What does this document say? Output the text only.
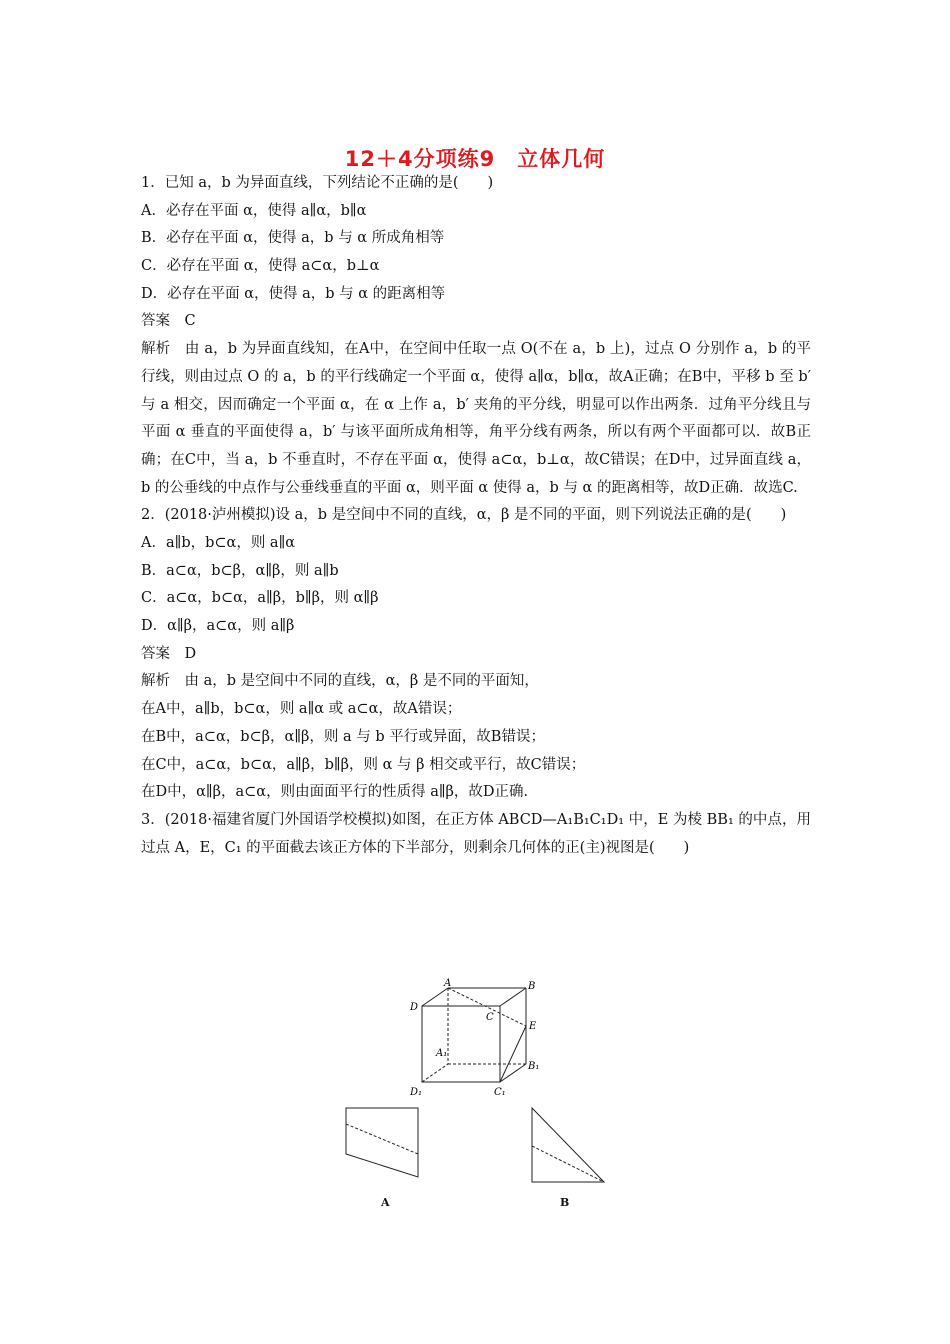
12＋4分项练9　立体几何
1．已知 a，b 为异面直线，下列结论不正确的是(　　)
A．必存在平面 α，使得 a∥α，b∥α
B．必存在平面 α，使得 a，b 与 α 所成角相等
C．必存在平面 α，使得 a⊂α，b⊥α
D．必存在平面 α，使得 a，b 与 α 的距离相等
答案　C
解析　由 a，b 为异面直线知，在A中，在空间中任取一点 O(不在 a，b 上)，过点 O 分别作 a，b 的平行线，则由过点 O 的 a，b 的平行线确定一个平面 α，使得 a∥α，b∥α，故A正确；在B中，平移 b 至 b′ 与 a 相交，因而确定一个平面 α，在 α 上作 a，b′ 夹角的平分线，明显可以作出两条．过角平分线且与平面 α 垂直的平面使得 a，b′ 与该平面所成角相等，角平分线有两条，所以有两个平面都可以．故B正确；在C中，当 a，b 不垂直时，不存在平面 α，使得 a⊂α，b⊥α，故C错误；在D中，过异面直线 a，b 的公垂线的中点作与公垂线垂直的平面 α，则平面 α 使得 a，b 与 α 的距离相等，故D正确．故选C.
2．(2018·泸州模拟)设 a，b 是空间中不同的直线，α，β 是不同的平面，则下列说法正确的是(　　)
A．a∥b，b⊂α，则 a∥α
B．a⊂α，b⊂β，α∥β，则 a∥b
C．a⊂α，b⊂α，a∥β，b∥β，则 α∥β
D．α∥β，a⊂α，则 a∥β
答案　D
解析　由 a，b 是空间中不同的直线，α，β 是不同的平面知，
在A中，a∥b，b⊂α，则 a∥α 或 a⊂α，故A错误；
在B中，a⊂α，b⊂β，α∥β，则 a 与 b 平行或异面，故B错误；
在C中，a⊂α，b⊂α，a∥β，b∥β，则 α 与 β 相交或平行，故C错误；
在D中，α∥β，a⊂α，则由面面平行的性质得 a∥β，故D正确.
3．(2018·福建省厦门外国语学校模拟)如图，在正方体 ABCD—A₁B₁C₁D₁ 中，E 为棱 BB₁ 的中点，用过点 A，E，C₁ 的平面截去该正方体的下半部分，则剩余几何体的正(主)视图是(　　)
A	B
C
D
E
A₁
B₁
C₁
D₁
A	B
